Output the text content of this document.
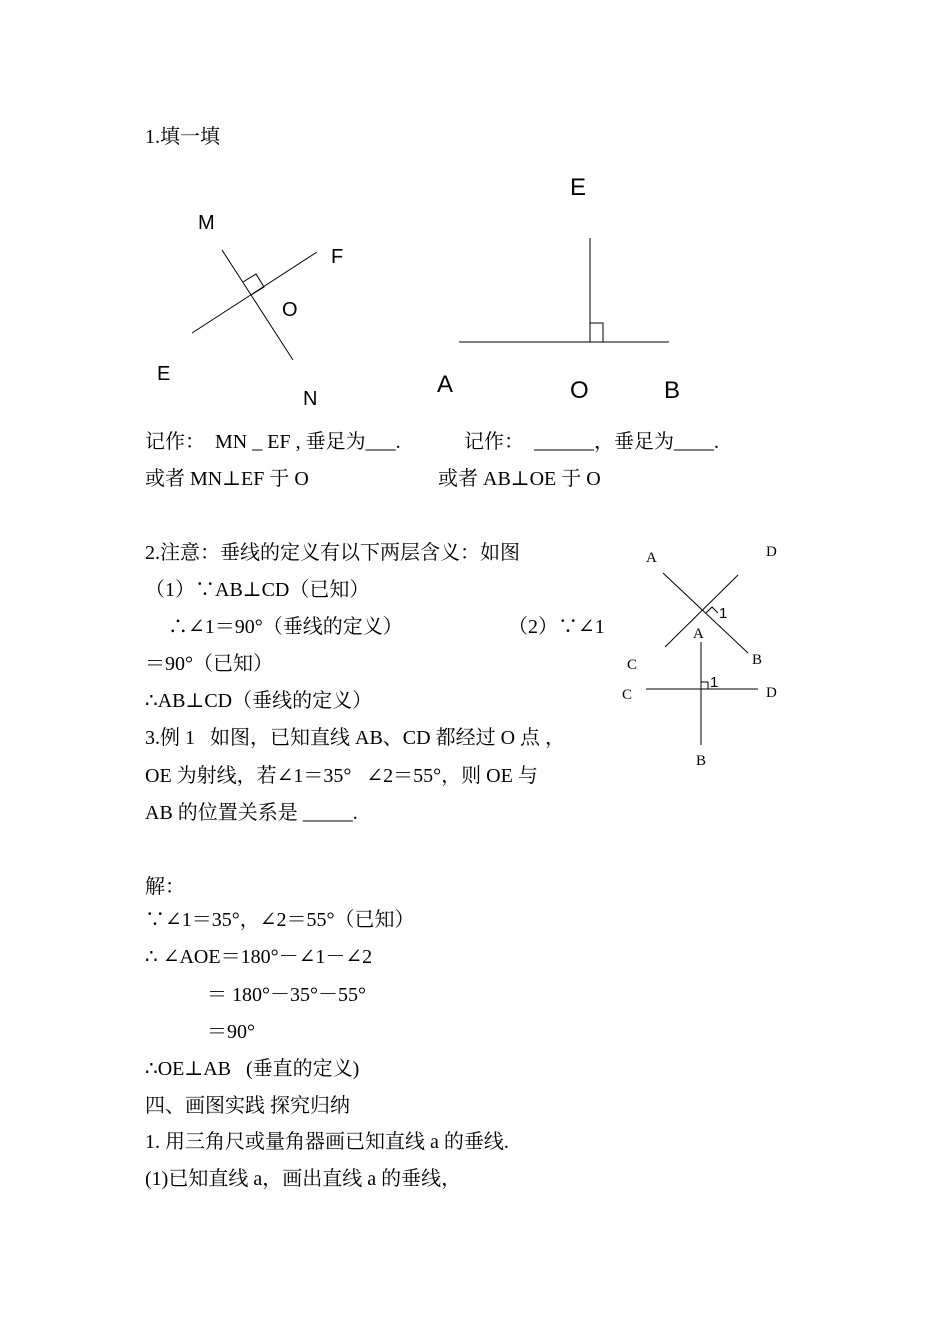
1.填一填
M
F
O
E
N
E
A	O	B
记作：  MN _ EF , 垂足为___.	记作：  ______，垂足为____.
或者 MN⊥EF 于 O	或者 AB⊥OE 于 O
2.注意：垂线的定义有以下两层含义：如图
（1）∵AB⊥CD（已知）
∴∠1＝90°（垂线的定义）	（2）∵∠1
＝90°（已知）
∴AB⊥CD（垂线的定义）
A	D
1
C	B
A
C	D
1
B
3.例 1   如图，已知直线 AB、CD 都经过 O 点 ，
OE 为射线，若∠1＝35°   ∠2＝55°，则 OE 与
AB 的位置关系是 _____.
解：
∵∠1＝35°，∠2＝55°（已知）
∴ ∠AOE＝180°－∠1－∠2
＝ 180°－35°－55°
＝90°
∴OE⊥AB   (垂直的定义)
四、画图实践 探究归纳
1. 用三角尺或量角器画已知直线 a 的垂线.
(1)已知直线 a，画出直线 a 的垂线，
